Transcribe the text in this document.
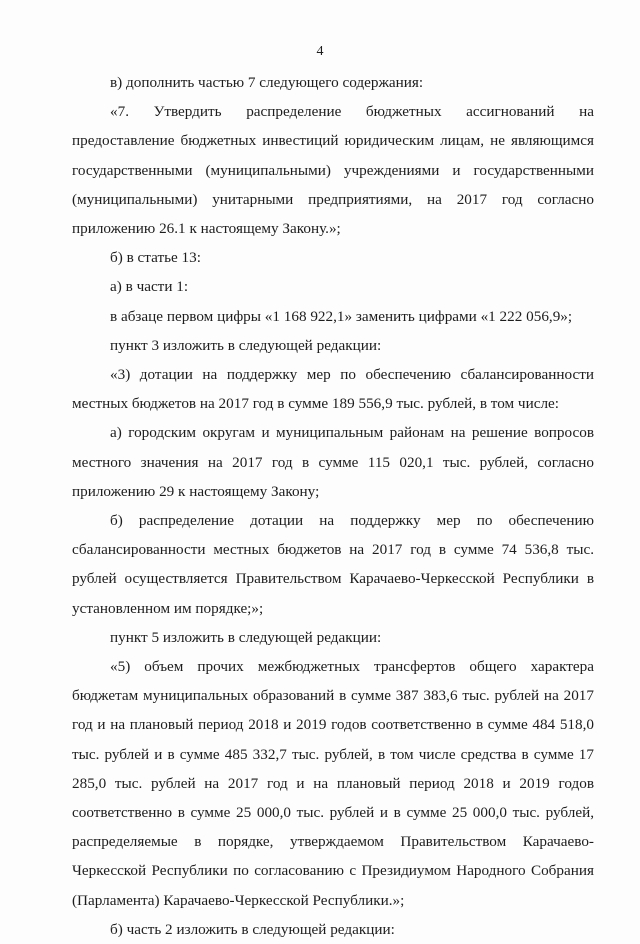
4

в) дополнить частью 7 следующего содержания:

«7. Утвердить распределение бюджетных ассигнований на предоставление бюджетных инвестиций юридическим лицам, не являющимся государственными (муниципальными) учреждениями и государственными (муниципальными) унитарными предприятиями, на 2017 год согласно приложению 26.1 к настоящему Закону.»;

б) в статье 13:

а) в части 1:

в абзаце первом цифры «1 168 922,1» заменить цифрами «1 222 056,9»;

пункт 3 изложить в следующей редакции:

«3) дотации на поддержку мер по обеспечению сбалансированности местных бюджетов на 2017 год в сумме 189 556,9 тыс. рублей, в том числе:

а) городским округам и муниципальным районам на решение вопросов местного значения на 2017 год в сумме 115 020,1 тыс. рублей, согласно приложению 29 к настоящему Закону;

б) распределение дотации на поддержку мер по обеспечению сбалансированности местных бюджетов на 2017 год в сумме 74 536,8 тыс. рублей осуществляется Правительством Карачаево-Черкесской Республики в установленном им порядке;»;

пункт 5 изложить в следующей редакции:

«5) объем прочих межбюджетных трансфертов общего характера бюджетам муниципальных образований в сумме 387 383,6 тыс. рублей на 2017 год и на плановый период 2018 и 2019 годов соответственно в сумме 484 518,0 тыс. рублей и в сумме 485 332,7 тыс. рублей, в том числе средства в сумме 17 285,0 тыс. рублей на 2017 год и на плановый период 2018 и 2019 годов соответственно в сумме 25 000,0 тыс. рублей и в сумме 25 000,0 тыс. рублей, распределяемые в порядке, утверждаемом Правительством Карачаево-Черкесской Республики по согласованию с Президиумом Народного Собрания (Парламента) Карачаево-Черкесской Республики.»;

б) часть 2 изложить в следующей редакции:
